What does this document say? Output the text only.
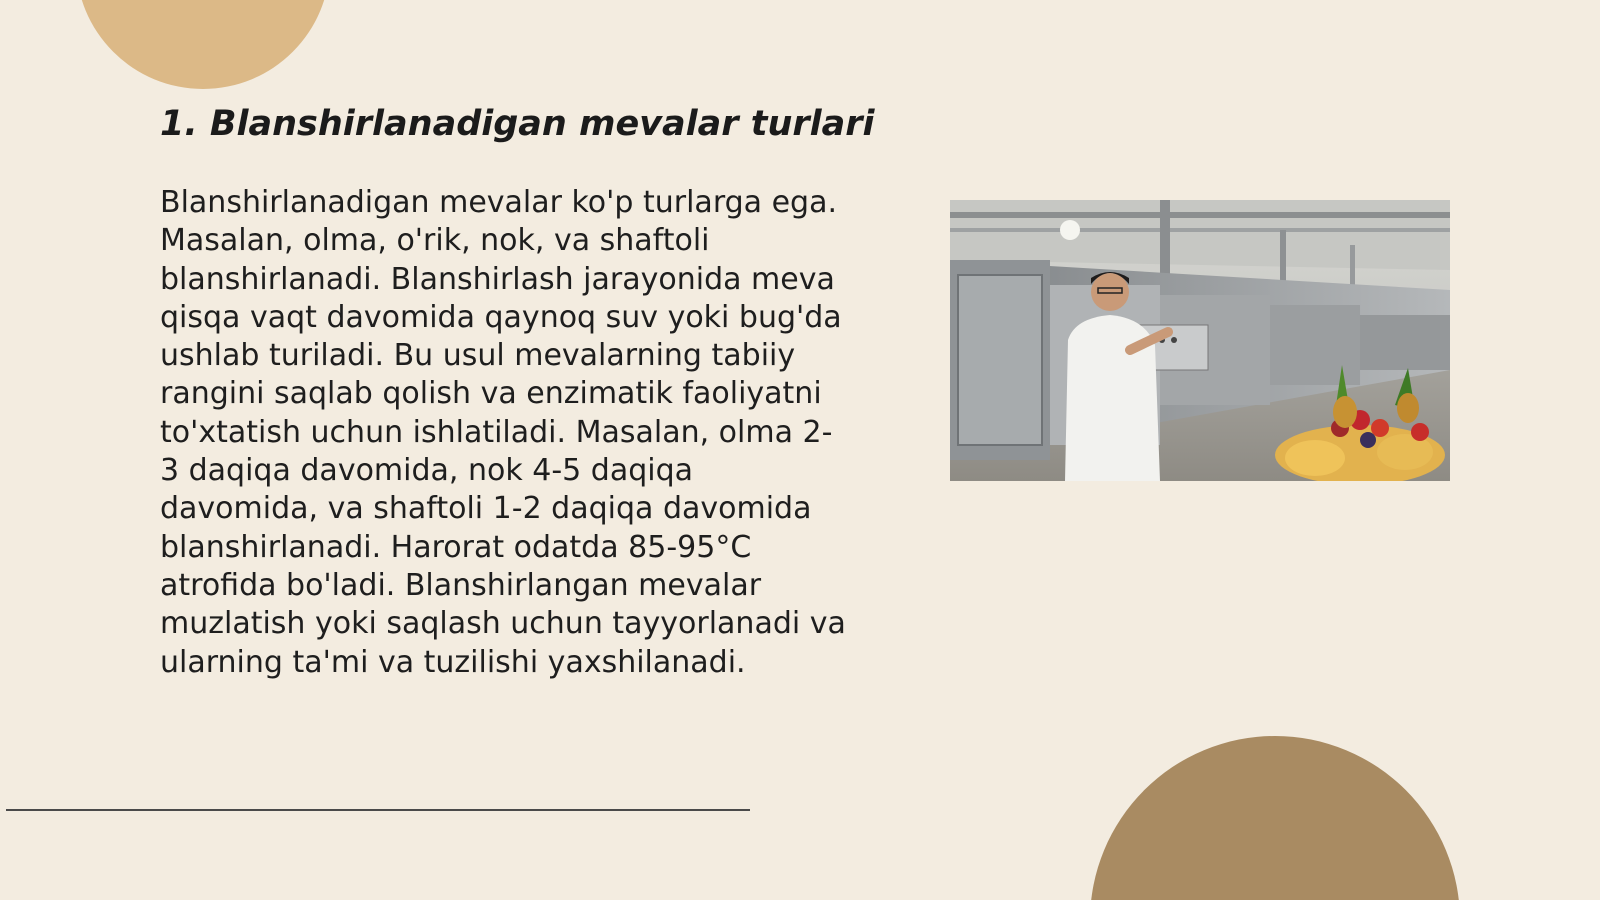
1. Blanshirlanadigan mevalar turlari

Blanshirlanadigan mevalar ko'p turlarga ega. Masalan, olma, o'rik, nok, va shaftoli blanshirlanadi. Blanshirlash jarayonida meva qisqa vaqt davomida qaynoq suv yoki bug'da ushlab turiladi. Bu usul mevalarning tabiiy rangini saqlab qolish va enzimatik faoliyatni to'xtatish uchun ishlatiladi. Masalan, olma 2-3 daqiqa davomida, nok 4-5 daqiqa davomida, va shaftoli 1-2 daqiqa davomida blanshirlanadi. Harorat odatda 85-95°C atrofida bo'ladi. Blanshirlangan mevalar muzlatish yoki saqlash uchun tayyorlanadi va ularning ta'mi va tuzilishi yaxshilanadi.
